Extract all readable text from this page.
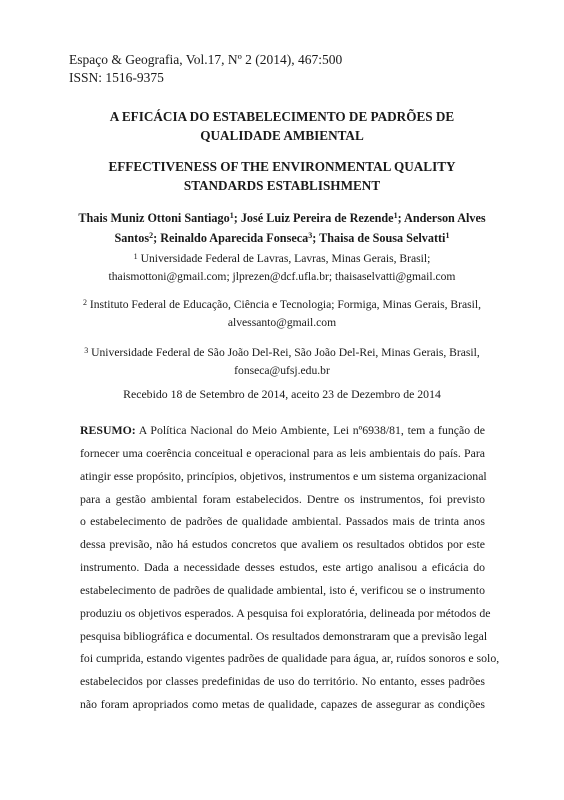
Espaço & Geografia, Vol.17, Nº 2 (2014), 467:500
ISSN: 1516-9375
A EFICÁCIA DO ESTABELECIMENTO DE PADRÕES DE
QUALIDADE AMBIENTAL
EFFECTIVENESS OF THE ENVIRONMENTAL QUALITY
STANDARDS ESTABLISHMENT
Thais Muniz Ottoni Santiago$^1$; José Luiz Pereira de Rezende$^1$; Anderson Alves Santos$^2$; Reinaldo Aparecida Fonseca$^3$; Thaisa de Sousa Selvatti$^1$
$^1$ Universidade Federal de Lavras, Lavras, Minas Gerais, Brasil;
thaismottoni@gmail.com; jlprezen@dcf.ufla.br; thaisaselvatti@gmail.com
$^2$ Instituto Federal de Educação, Ciência e Tecnologia; Formiga, Minas Gerais, Brasil,
alvessanto@gmail.com
$^3$ Universidade Federal de São João Del-Rei, São João Del-Rei, Minas Gerais, Brasil,
fonseca@ufsj.edu.br
Recebido 18 de Setembro de 2014, aceito 23 de Dezembro de 2014
RESUMO: A Política Nacional do Meio Ambiente, Lei nº6938/81, tem a função de
fornecer uma coerência conceitual e operacional para as leis ambientais do país. Para
atingir esse propósito, princípios, objetivos, instrumentos e um sistema organizacional
para a gestão ambiental foram estabelecidos. Dentre os instrumentos, foi previsto
o estabelecimento de padrões de qualidade ambiental. Passados mais de trinta anos
dessa previsão, não há estudos concretos que avaliem os resultados obtidos por este
instrumento. Dada a necessidade desses estudos, este artigo analisou a eficácia do
estabelecimento de padrões de qualidade ambiental, isto é, verificou se o instrumento
produziu os objetivos esperados. A pesquisa foi exploratória, delineada por métodos de
pesquisa bibliográfica e documental. Os resultados demonstraram que a previsão legal
foi cumprida, estando vigentes padrões de qualidade para água, ar, ruídos sonoros e solo,
estabelecidos por classes predefinidas de uso do território. No entanto, esses padrões
não foram apropriados como metas de qualidade, capazes de assegurar as condições
